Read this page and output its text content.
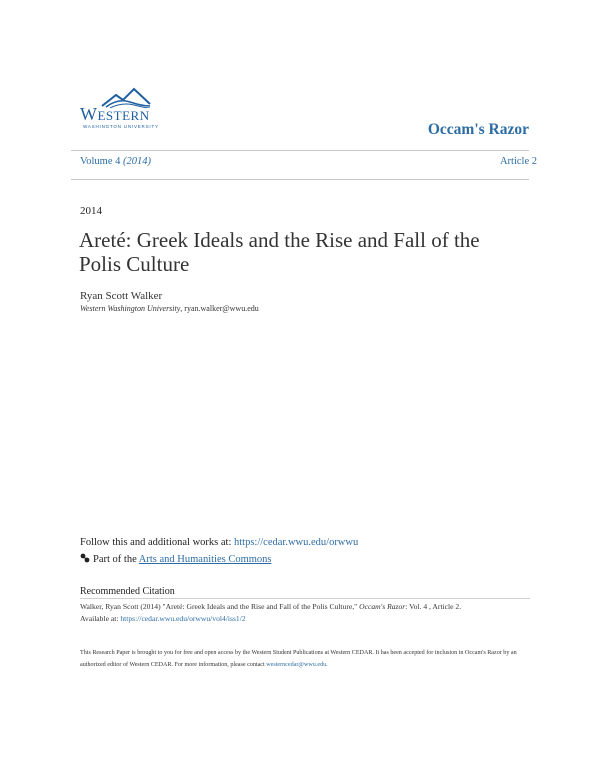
Western
WASHINGTON UNIVERSITY	Occam's Razor
Volume 4 (2014)	Article 2
2014
Areté: Greek Ideals and the Rise and Fall of the Polis Culture
Ryan Scott Walker
Western Washington University, ryan.walker@wwu.edu
Follow this and additional works at: https://cedar.wwu.edu/orwwu
Part of the Arts and Humanities Commons
Recommended Citation
Walker, Ryan Scott (2014) "Areté: Greek Ideals and the Rise and Fall of the Polis Culture," Occam's Razor: Vol. 4 , Article 2.
Available at: https://cedar.wwu.edu/orwwu/vol4/iss1/2
This Research Paper is brought to you for free and open access by the Western Student Publications at Western CEDAR. It has been accepted for inclusion in Occam's Razor by an authorized editor of Western CEDAR. For more information, please contact westerncedar@wwu.edu.
